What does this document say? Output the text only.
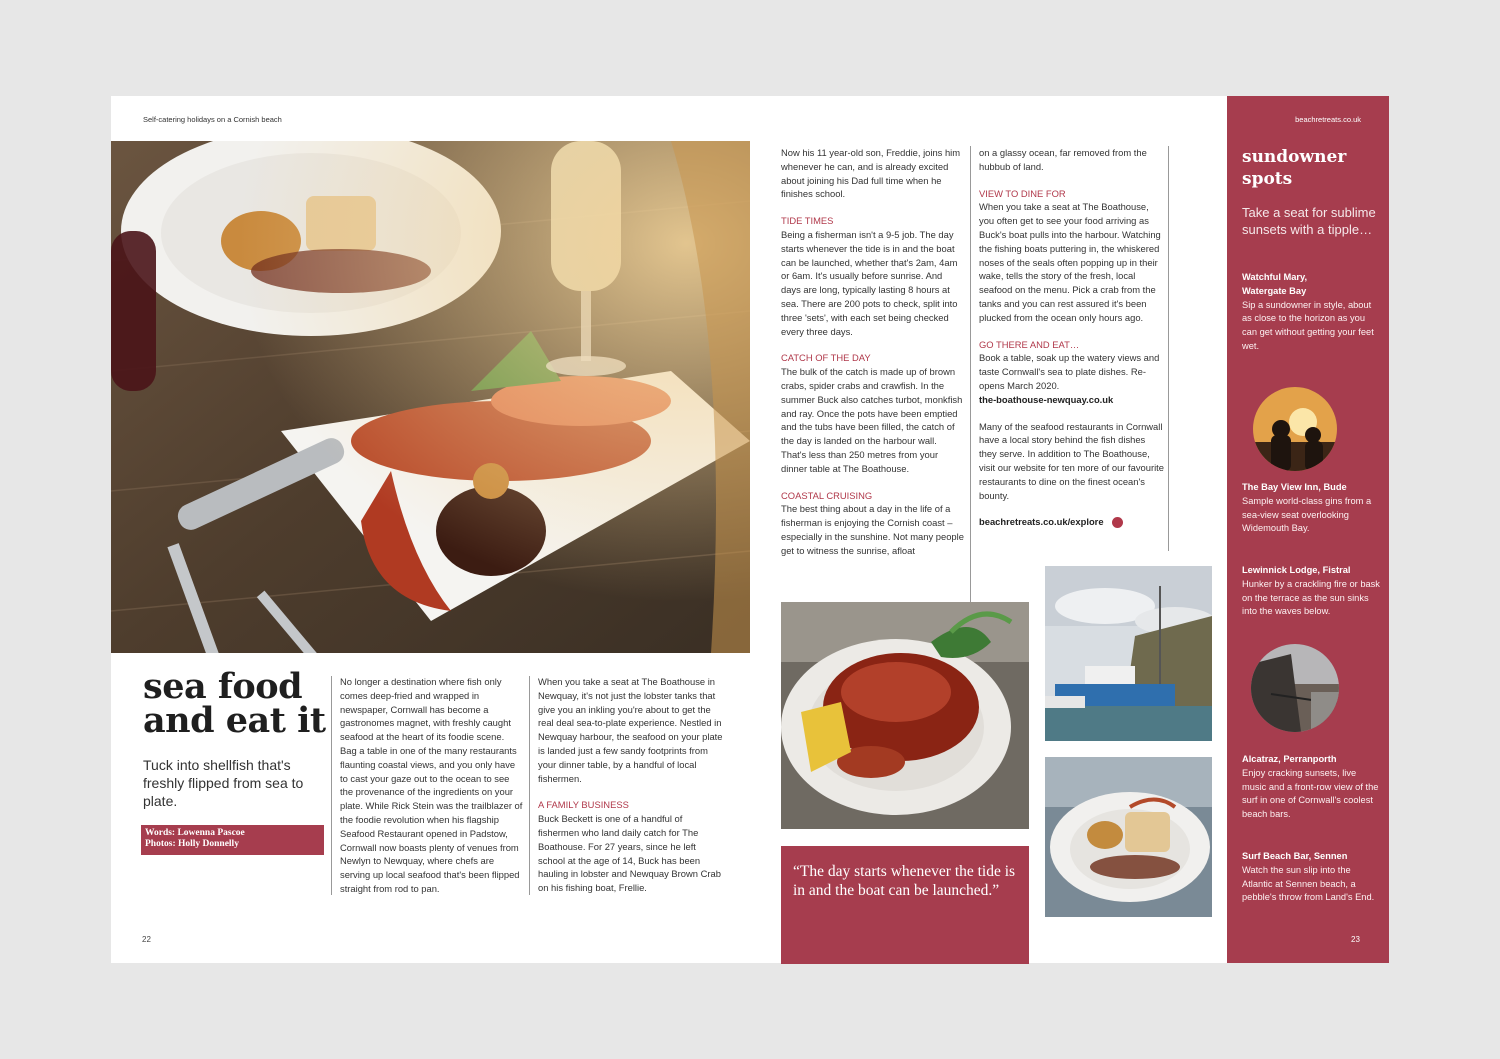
Self-catering holidays on a Cornish beach
sea food and eat it
Tuck into shellfish that's freshly flipped from sea to plate.
Words: Lowenna Pascoe
Photos: Holly Donnelly

No longer a destination where fish only comes deep-fried and wrapped in newspaper, Cornwall has become a gastronomes magnet, with freshly caught seafood at the heart of its foodie scene. Bag a table in one of the many restaurants flaunting coastal views, and you only have to cast your gaze out to the ocean to see the provenance of the ingredients on your plate. While Rick Stein was the trailblazer of the foodie revolution when his flagship Seafood Restaurant opened in Padstow, Cornwall now boasts plenty of venues from Newlyn to Newquay, where chefs are serving up local seafood that's been flipped straight from rod to pan.

When you take a seat at The Boathouse in Newquay, it's not just the lobster tanks that give you an inkling you're about to get the real deal sea-to-plate experience. Nestled in Newquay harbour, the seafood on your plate is landed just a few sandy footprints from your dinner table, by a handful of local fishermen.

A FAMILY BUSINESS

Buck Beckett is one of a handful of fishermen who land daily catch for The Boathouse. For 27 years, since he left school at the age of 14, Buck has been hauling in lobster and Newquay Brown Crab on his fishing boat, Frellie.

Now his 11 year-old son, Freddie, joins him whenever he can, and is already excited about joining his Dad full time when he finishes school.

TIDE TIMES

Being a fisherman isn't a 9-5 job. The day starts whenever the tide is in and the boat can be launched, whether that's 2am, 4am or 6am. It's usually before sunrise. And days are long, typically lasting 8 hours at sea. There are 200 pots to check, split into three 'sets', with each set being checked every three days.

CATCH OF THE DAY

The bulk of the catch is made up of brown crabs, spider crabs and crawfish. In the summer Buck also catches turbot, monkfish and ray. Once the pots have been emptied and the tubs have been filled, the catch of the day is landed on the harbour wall. That's less than 250 metres from your dinner table at The Boathouse.

COASTAL CRUISING

The best thing about a day in the life of a fisherman is enjoying the Cornish coast – especially in the sunshine. Not many people get to witness the sunrise, afloat

on a glassy ocean, far removed from the hubbub of land.

VIEW TO DINE FOR

When you take a seat at The Boathouse, you often get to see your food arriving as Buck's boat pulls into the harbour. Watching the fishing boats puttering in, the whiskered noses of the seals often popping up in their wake, tells the story of the fresh, local seafood on the menu. Pick a crab from the tanks and you can rest assured it's been plucked from the ocean only hours ago.

GO THERE AND EAT…

Book a table, soak up the watery views and taste Cornwall's sea to plate dishes. Re-opens March 2020.

the-boathouse-newquay.co.uk

Many of the seafood restaurants in Cornwall have a local story behind the fish dishes they serve. In addition to The Boathouse, visit our website for ten more of our favourite restaurants to dine on the finest ocean's bounty.

beachretreats.co.uk/explore

“The day starts whenever the tide is in and the boat can be launched.”
22
beachretreats.co.uk
sundowner
spots
Take a seat for sublime sunsets with a tipple…
Watchful Mary,
Watergate Bay
Sip a sundowner in style, about as close to the horizon as you can get without getting your feet wet.
The Bay View Inn, Bude
Sample world-class gins from a sea-view seat overlooking Widemouth Bay.
Lewinnick Lodge, Fistral
Hunker by a crackling fire or bask on the terrace as the sun sinks into the waves below.
Alcatraz, Perranporth
Enjoy cracking sunsets, live music and a front-row view of the surf in one of Cornwall's coolest beach bars.
Surf Beach Bar, Sennen
Watch the sun slip into the Atlantic at Sennen beach, a pebble's throw from Land's End.
23
